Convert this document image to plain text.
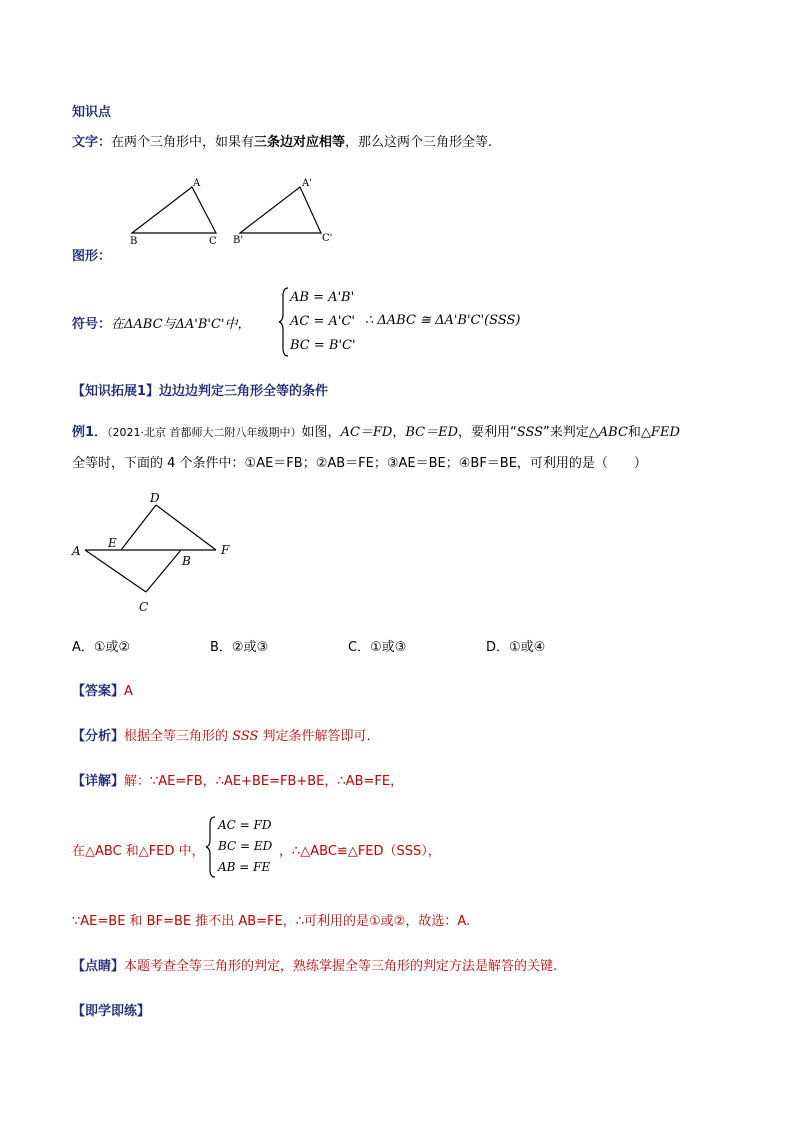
知识点
文字：在两个三角形中，如果有三条边对应相等，那么这两个三角形全等.
A
B	C
A'
B'	C'
图形：
符号：在ΔABC与ΔA'B'C'中，
AB = A'B'
AC = A'C'
BC = B'C'
∴ ΔABC ≅ ΔA'B'C'(SSS)
【知识拓展1】边边边判定三角形全等的条件
例1．（2021·北京 首都师大二附八年级期中）如图，AC＝FD，BC＝ED，要利用“SSS”来判定△ABC和△FED
全等时，下面的 4 个条件中：①AE＝FB；②AB＝FE；③AE＝BE；④BF＝BE，可利用的是（　　）
A
D
E	F
B
C
A．①或②	B．②或③	C．①或③	D．①或④
【答案】A
【分析】根据全等三角形的 SSS 判定条件解答即可.
【详解】解：∵AE=FB，∴AE+BE=FB+BE，∴AB=FE，
在△ABC 和△FED 中，
AC = FD
BC = ED
AB = FE
，∴△ABC≌△FED（SSS），
∵AE=BE 和 BF=BE 推不出 AB=FE，∴可利用的是①或②，故选：A.
【点睛】本题考查全等三角形的判定，熟练掌握全等三角形的判定方法是解答的关键.
【即学即练】
